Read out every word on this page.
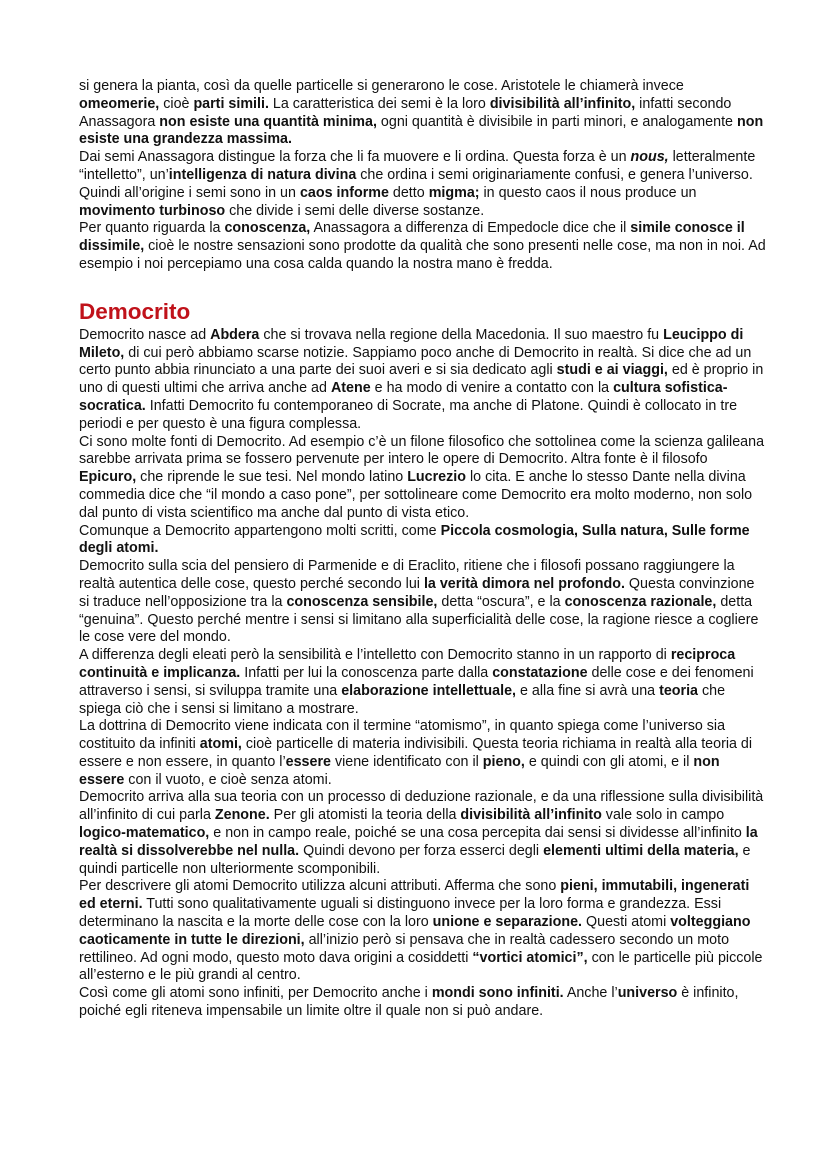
si genera la pianta, così da quelle particelle si generarono le cose. Aristotele le chiamerà invece omeomerie, cioè parti simili. La caratteristica dei semi è la loro divisibilità all’infinito, infatti secondo Anassagora non esiste una quantità minima, ogni quantità è divisibile in parti minori, e analogamente non esiste una grandezza massima.

Dai semi Anassagora distingue la forza che li fa muovere e li ordina. Questa forza è un nous, letteralmente “intelletto”, un’intelligenza di natura divina che ordina i semi originariamente confusi, e genera l’universo. Quindi all’origine i semi sono in un caos informe detto migma; in questo caos il nous produce un movimento turbinoso che divide i semi delle diverse sostanze.

Per quanto riguarda la conoscenza, Anassagora a differenza di Empedocle dice che il simile conosce il dissimile, cioè le nostre sensazioni sono prodotte da qualità che sono presenti nelle cose, ma non in noi. Ad esempio i noi percepiamo una cosa calda quando la nostra mano è fredda.

Democrito

Democrito nasce ad Abdera che si trovava nella regione della Macedonia. Il suo maestro fu Leucippo di Mileto, di cui però abbiamo scarse notizie. Sappiamo poco anche di Democrito in realtà. Si dice che ad un certo punto abbia rinunciato a una parte dei suoi averi e si sia dedicato agli studi e ai viaggi, ed è proprio in uno di questi ultimi che arriva anche ad Atene e ha modo di venire a contatto con la cultura sofistica-socratica. Infatti Democrito fu contemporaneo di Socrate, ma anche di Platone. Quindi è collocato in tre periodi e per questo è una figura complessa.

Ci sono molte fonti di Democrito. Ad esempio c’è un filone filosofico che sottolinea come la scienza galileana sarebbe arrivata prima se fossero pervenute per intero le opere di Democrito. Altra fonte è il filosofo Epicuro, che riprende le sue tesi. Nel mondo latino Lucrezio lo cita. E anche lo stesso Dante nella divina commedia dice che “il mondo a caso pone”, per sottolineare come Democrito era molto moderno, non solo dal punto di vista scientifico ma anche dal punto di vista etico.

Comunque a Democrito appartengono molti scritti, come Piccola cosmologia, Sulla natura, Sulle forme degli atomi.

Democrito sulla scia del pensiero di Parmenide e di Eraclito, ritiene che i filosofi possano raggiungere la realtà autentica delle cose, questo perché secondo lui la verità dimora nel profondo. Questa convinzione si traduce nell’opposizione tra la conoscenza sensibile, detta “oscura”, e la conoscenza razionale, detta “genuina”. Questo perché mentre i sensi si limitano alla superficialità delle cose, la ragione riesce a cogliere le cose vere del mondo.

A differenza degli eleati però la sensibilità e l’intelletto con Democrito stanno in un rapporto di reciproca continuità e implicanza. Infatti per lui la conoscenza parte dalla constatazione delle cose e dei fenomeni attraverso i sensi, si sviluppa tramite una elaborazione intellettuale, e alla fine si avrà una teoria che spiega ciò che i sensi si limitano a mostrare.

La dottrina di Democrito viene indicata con il termine “atomismo”, in quanto spiega come l’universo sia costituito da infiniti atomi, cioè particelle di materia indivisibili. Questa teoria richiama in realtà alla teoria di essere e non essere, in quanto l’essere viene identificato con il pieno, e quindi con gli atomi, e il non essere con il vuoto, e cioè senza atomi.

Democrito arriva alla sua teoria con un processo di deduzione razionale, e da una riflessione sulla divisibilità all’infinito di cui parla Zenone. Per gli atomisti la teoria della divisibilità all’infinito vale solo in campo logico-matematico, e non in campo reale, poiché se una cosa percepita dai sensi si dividesse all’infinito la realtà si dissolverebbe nel nulla. Quindi devono per forza esserci degli elementi ultimi della materia, e quindi particelle non ulteriormente scomponibili.

Per descrivere gli atomi Democrito utilizza alcuni attributi. Afferma che sono pieni, immutabili, ingenerati ed eterni. Tutti sono qualitativamente uguali si distinguono invece per la loro forma e grandezza. Essi determinano la nascita e la morte delle cose con la loro unione e separazione. Questi atomi volteggiano caoticamente in tutte le direzioni, all’inizio però si pensava che in realtà cadessero secondo un moto rettilineo. Ad ogni modo, questo moto dava origini a cosiddetti “vortici atomici”, con le particelle più piccole all’esterno e le più grandi al centro.

Così come gli atomi sono infiniti, per Democrito anche i mondi sono infiniti. Anche l’universo è infinito, poiché egli riteneva impensabile un limite oltre il quale non si può andare.
